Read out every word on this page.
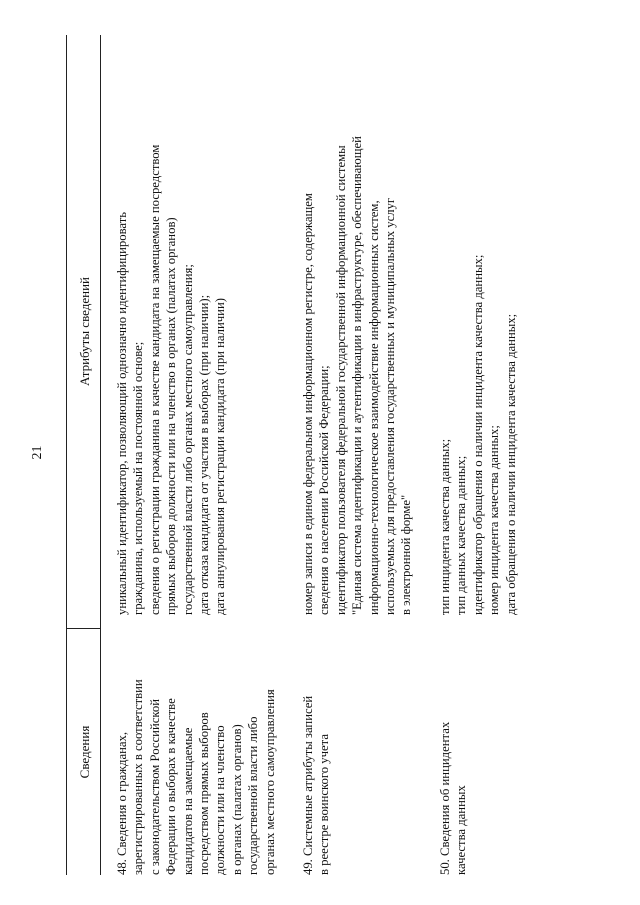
21
Сведения
Атрибуты сведений
48. Сведения о гражданах, зарегистрированных в соответствии с законодательством Российской Федерации о выборах в качестве кандидатов на замещаемые посредством прямых выборов должности или на членство в органах (палатах органов) государственной власти либо органах местного самоуправления
уникальный идентификатор, позволяющий однозначно идентифицировать гражданина, используемый на постоянной основе; сведения о регистрации гражданина в качестве кандидата на замещаемые посредством прямых выборов должности или на членство в органах (палатах органов) государственной власти либо органах местного самоуправления; дата отказа кандидата от участия в выборах (при наличии); дата аннулирования регистрации кандидата (при наличии)
49. Системные атрибуты записей в реестре воинского учета
номер записи в едином федеральном информационном регистре, содержащем сведения о населении Российской Федерации; идентификатор пользователя федеральной государственной информационной системы "Единая система идентификации и аутентификации в инфраструктуре, обеспечивающей информационно-технологическое взаимодействие информационных систем, используемых для предоставления государственных и муниципальных услуг в электронной форме"
50. Сведения об инцидентах качества данных
тип инцидента качества данных; тип данных качества данных; идентификатор обращения о наличии инцидента качества данных; номер инцидента качества данных; дата обращения о наличии инцидента качества данных;
